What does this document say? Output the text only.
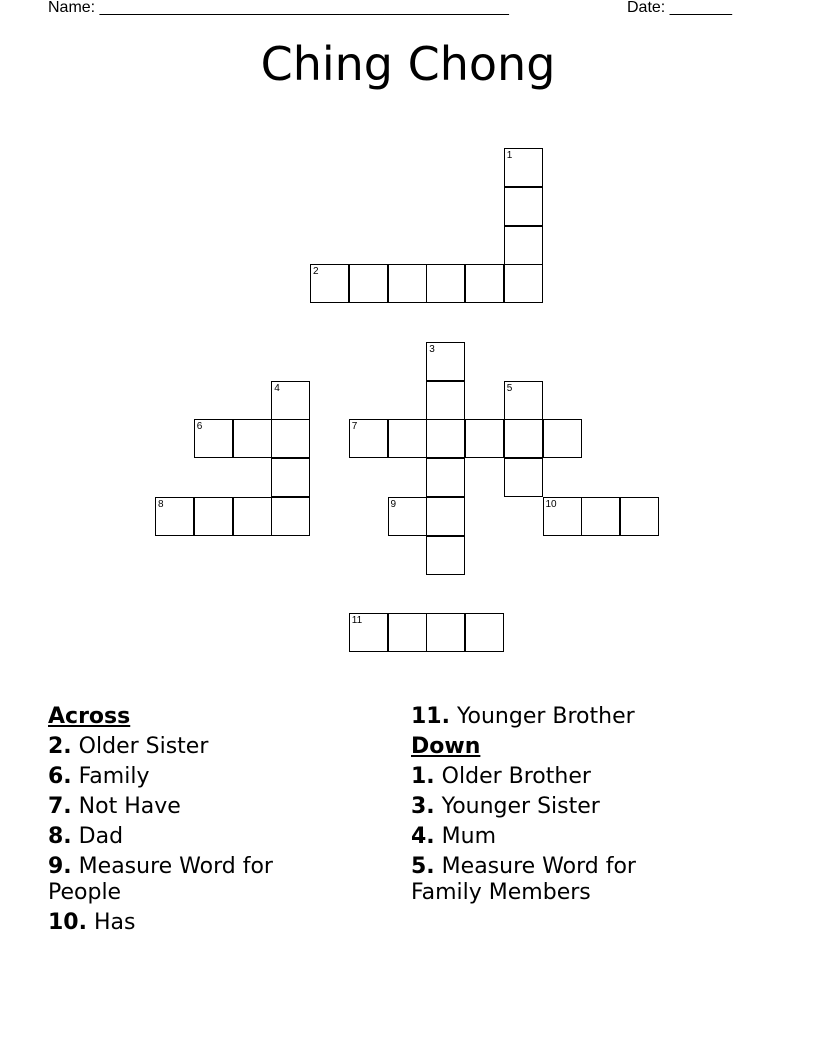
Name: ______________________________________________	Date: _______
Ching Chong
1
2
3
4	5
6	7
8	9	10
11
Across
2. Older Sister
6. Family
7. Not Have
8. Dad
9. Measure Word for People
10. Has
11. Younger Brother
Down
1. Older Brother
3. Younger Sister
4. Mum
5. Measure Word for Family Members
